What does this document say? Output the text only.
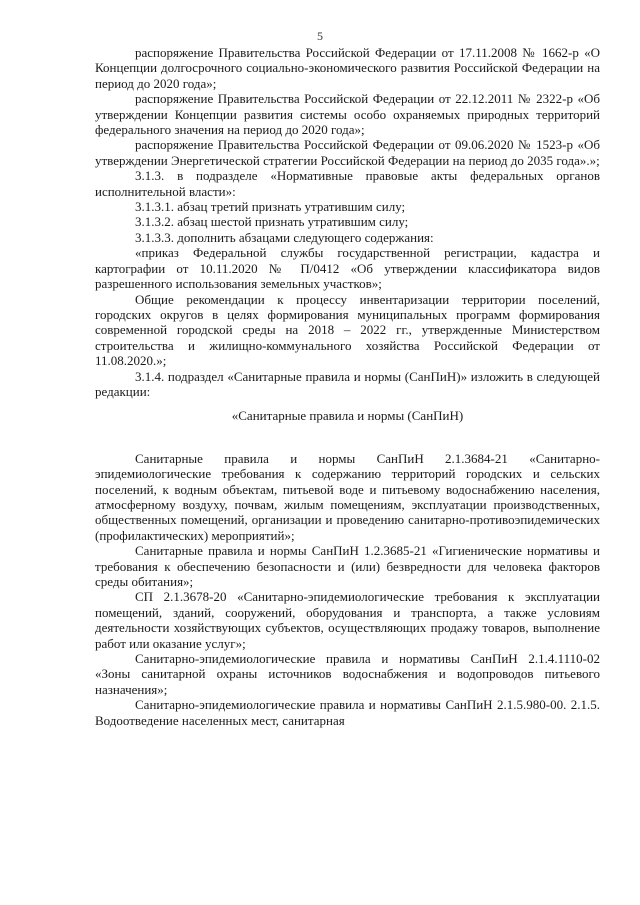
5

распоряжение Правительства Российской Федерации от 17.11.2008 № 1662-р «О Концепции долгосрочного социально-экономического развития Российской Федерации на период до 2020 года»;

распоряжение Правительства Российской Федерации от 22.12.2011 № 2322-р «Об утверждении Концепции развития системы особо охраняемых природных территорий федерального значения на период до 2020 года»;

распоряжение Правительства Российской Федерации от 09.06.2020 № 1523-р «Об утверждении Энергетической стратегии Российской Федерации на период до 2035 года».»;

3.1.3. в подразделе «Нормативные правовые акты федеральных органов исполнительной власти»:

3.1.3.1. абзац третий признать утратившим силу;

3.1.3.2. абзац шестой признать утратившим силу;

3.1.3.3. дополнить абзацами следующего содержания:

«приказ Федеральной службы государственной регистрации, кадастра и картографии от 10.11.2020 № П/0412 «Об утверждении классификатора видов разрешенного использования земельных участков»;

Общие рекомендации к процессу инвентаризации территории поселений, городских округов в целях формирования муниципальных программ формирования современной городской среды на 2018 – 2022 гг., утвержденные Министерством строительства и жилищно-коммунального хозяйства Российской Федерации от 11.08.2020.»;

3.1.4. подраздел «Санитарные правила и нормы (СанПиН)» изложить в следующей редакции:

«Санитарные правила и нормы (СанПиН)

Санитарные правила и нормы СанПиН 2.1.3684-21 «Санитарно-эпидемиологические требования к содержанию территорий городских и сельских поселений, к водным объектам, питьевой воде и питьевому водоснабжению населения, атмосферному воздуху, почвам, жилым помещениям, эксплуатации производственных, общественных помещений, организации и проведению санитарно-противоэпидемических (профилактических) мероприятий»;

Санитарные правила и нормы СанПиН 1.2.3685-21 «Гигиенические нормативы и требования к обеспечению безопасности и (или) безвредности для человека факторов среды обитания»;

СП 2.1.3678-20 «Санитарно-эпидемиологические требования к эксплуатации помещений, зданий, сооружений, оборудования и транспорта, а также условиям деятельности хозяйствующих субъектов, осуществляющих продажу товаров, выполнение работ или оказание услуг»;

Санитарно-эпидемиологические правила и нормативы СанПиН 2.1.4.1110-02 «Зоны санитарной охраны источников водоснабжения и водопроводов питьевого назначения»;

Санитарно-эпидемиологические правила и нормативы СанПиН 2.1.5.980-00. 2.1.5. Водоотведение населенных мест, санитарная
